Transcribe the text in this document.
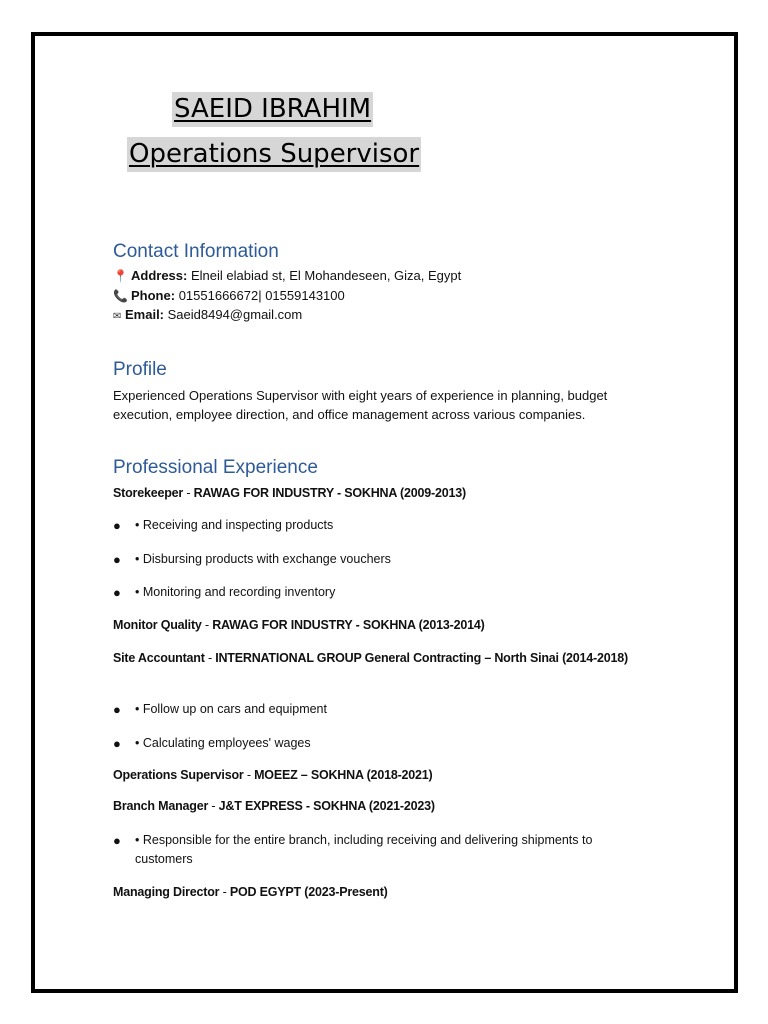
SAEID IBRAHIM
Operations Supervisor
Contact Information
📍 Address: Elneil elabiad st, El Mohandeseen, Giza, Egypt
📞 Phone: 01551666672| 01559143100
✉ Email: Saeid8494@gmail.com
Profile
Experienced Operations Supervisor with eight years of experience in planning, budget execution, employee direction, and office management across various companies.
Professional Experience
Storekeeper - RAWAG FOR INDUSTRY - SOKHNA (2009-2013)
● • Receiving and inspecting products
● • Disbursing products with exchange vouchers
● • Monitoring and recording inventory
Monitor Quality - RAWAG FOR INDUSTRY - SOKHNA (2013-2014)
Site Accountant - INTERNATIONAL GROUP General Contracting – North Sinai (2014-2018)
● • Follow up on cars and equipment
● • Calculating employees' wages
Operations Supervisor - MOEEZ – SOKHNA (2018-2021)
Branch Manager - J&T EXPRESS - SOKHNA (2021-2023)
● • Responsible for the entire branch, including receiving and delivering shipments to customers
Managing Director - POD EGYPT (2023-Present)
